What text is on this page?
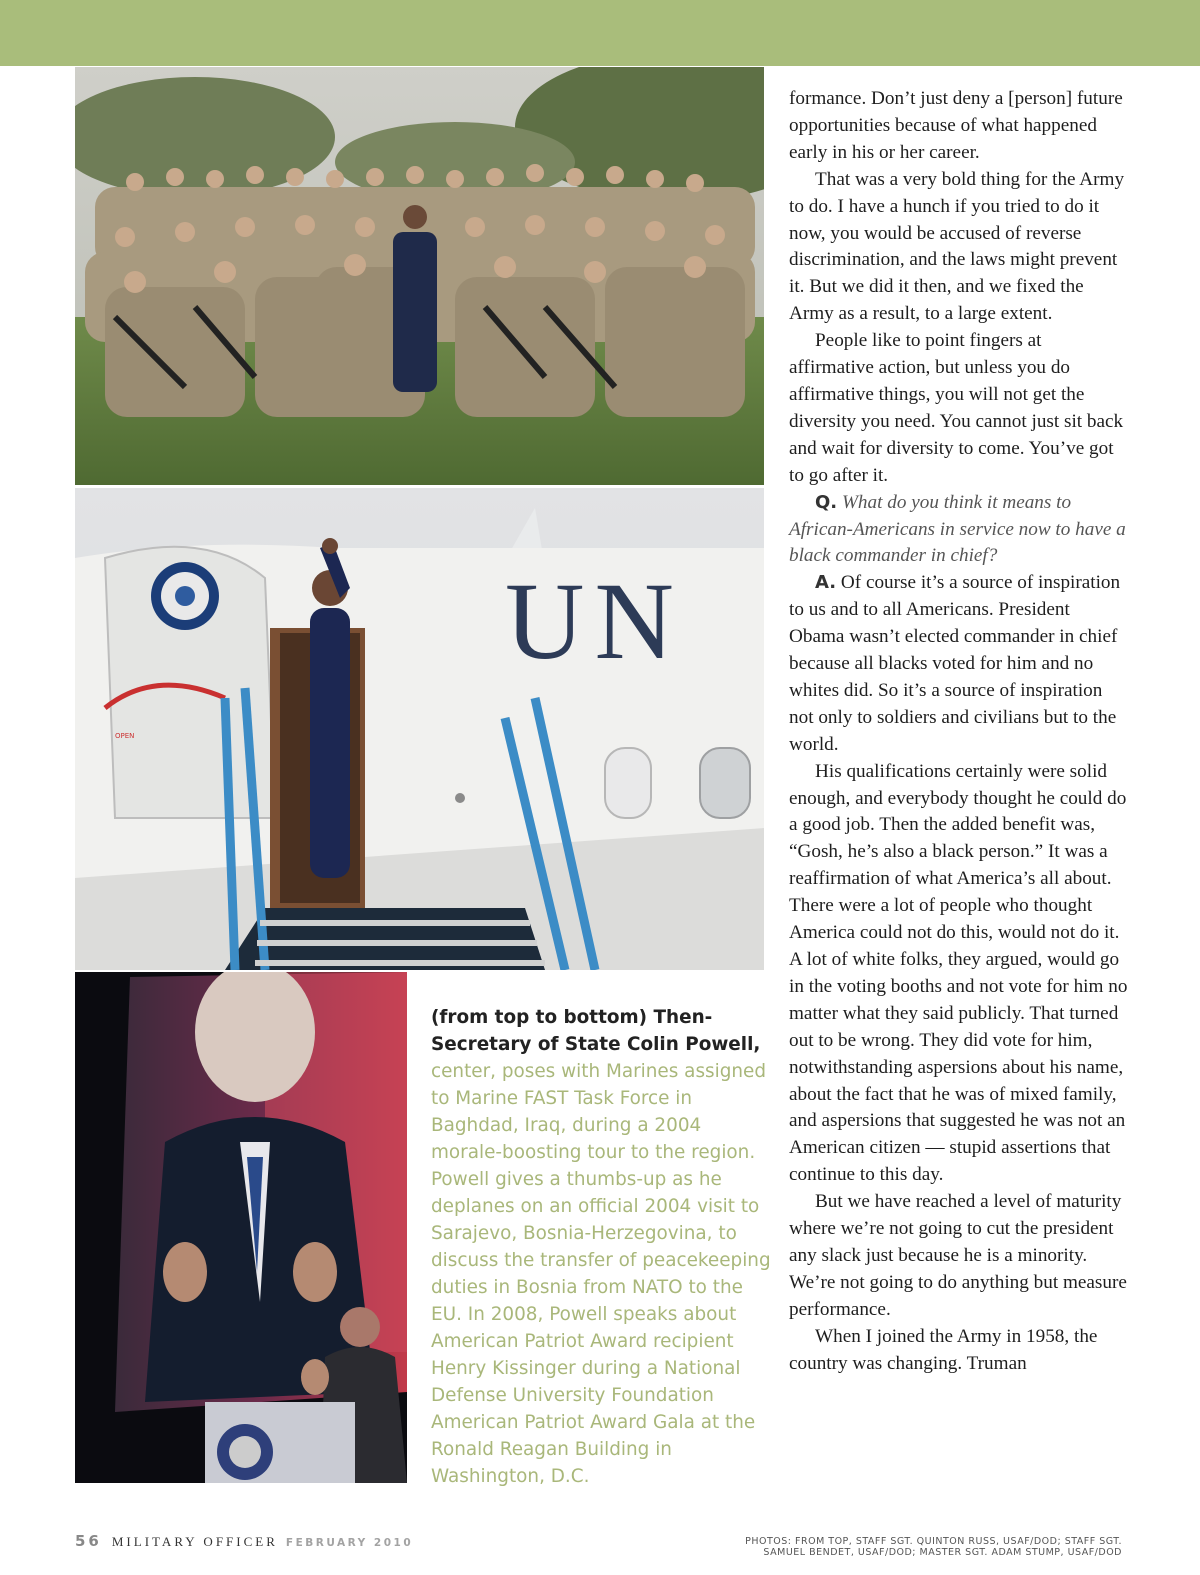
OPEN
UN
(from top to bottom) Then-Secretary of State Colin Powell, center, poses with Marines assigned to Marine FAST Task Force in Baghdad, Iraq, during a 2004 morale-boosting tour to the region. Powell gives a thumbs-up as he deplanes on an official 2004 visit to Sarajevo, Bosnia-Herzegovina, to discuss the transfer of peacekeeping duties in Bosnia from NATO to the EU. In 2008, Powell speaks about American Patriot Award recipient Henry Kissinger during a National Defense University Foundation American Patriot Award Gala at the Ronald Reagan Building in Washington, D.C.

formance. Don’t just deny a [person] future opportunities because of what happened early in his or her career.

That was a very bold thing for the Army to do. I have a hunch if you tried to do it now, you would be accused of reverse discrimination, and the laws might prevent it. But we did it then, and we fixed the Army as a result, to a large extent.

People like to point fingers at affirmative action, but unless you do affirmative things, you will not get the diversity you need. You cannot just sit back and wait for diversity to come. You’ve got to go after it.

Q. What do you think it means to African-Americans in service now to have a black commander in chief?

A. Of course it’s a source of inspiration to us and to all Americans. President Obama wasn’t elected commander in chief because all blacks voted for him and no whites did. So it’s a source of inspiration not only to soldiers and civilians but to the world.

His qualifications certainly were solid enough, and everybody thought he could do a good job. Then the added benefit was, “Gosh, he’s also a black person.” It was a reaffirmation of what America’s all about. There were a lot of people who thought America could not do this, would not do it. A lot of white folks, they argued, would go in the voting booths and not vote for him no matter what they said publicly. That turned out to be wrong. They did vote for him, notwithstanding aspersions about his name, about the fact that he was of mixed family, and aspersions that suggested he was not an American citizen — stupid assertions that continue to this day.

But we have reached a level of maturity where we’re not going to cut the president any slack just because he is a minority. We’re not going to do anything but measure performance.

When I joined the Army in 1958, the country was changing. Truman

56 MILITARY OFFICER FEBRUARY 2010	PHOTOS: FROM TOP, STAFF SGT. QUINTON RUSS, USAF/DOD; STAFF SGT.
SAMUEL BENDET, USAF/DOD; MASTER SGT. ADAM STUMP, USAF/DOD
